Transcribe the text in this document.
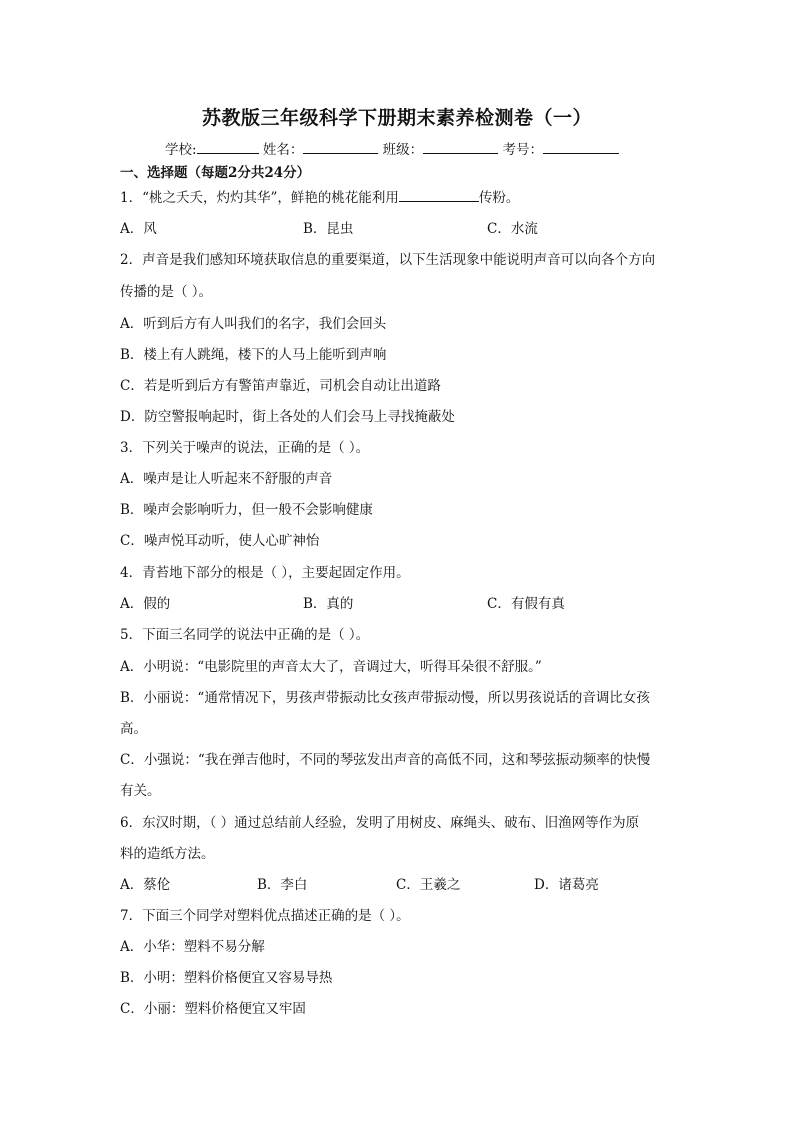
苏教版三年级科学下册期末素养检测卷（一）
学校:	姓名：	班级：	考号：
一、选择题（每题2分共24分）
1．“桃之夭夭，灼灼其华”，鲜艳的桃花能利用	传粉。
A．风	B．昆虫	C．水流
2．声音是我们感知环境获取信息的重要渠道，以下生活现象中能说明声音可以向各个方向
传播的是（ ）。
A．听到后方有人叫我们的名字，我们会回头
B．楼上有人跳绳，楼下的人马上能听到声响
C．若是听到后方有警笛声靠近，司机会自动让出道路
D．防空警报响起时，街上各处的人们会马上寻找掩蔽处
3．下列关于噪声的说法，正确的是（ ）。
A．噪声是让人听起来不舒服的声音
B．噪声会影响听力，但一般不会影响健康
C．噪声悦耳动听，使人心旷神怡
4．青苔地下部分的根是（ ），主要起固定作用。
A．假的	B．真的	C．有假有真
5．下面三名同学的说法中正确的是（ ）。
A．小明说：“电影院里的声音太大了，音调过大，听得耳朵很不舒服。”
B．小丽说：“通常情况下，男孩声带振动比女孩声带振动慢，所以男孩说话的音调比女孩
高。
C．小强说：“我在弹吉他时，不同的琴弦发出声音的高低不同，这和琴弦振动频率的快慢
有关。
6．东汉时期，（ ）通过总结前人经验，发明了用树皮、麻绳头、破布、旧渔网等作为原
料的造纸方法。
A．蔡伦	B．李白	C．王羲之	D．诸葛亮
7．下面三个同学对塑料优点描述正确的是（ ）。
A．小华：塑料不易分解
B．小明：塑料价格便宜又容易导热
C．小丽：塑料价格便宜又牢固
